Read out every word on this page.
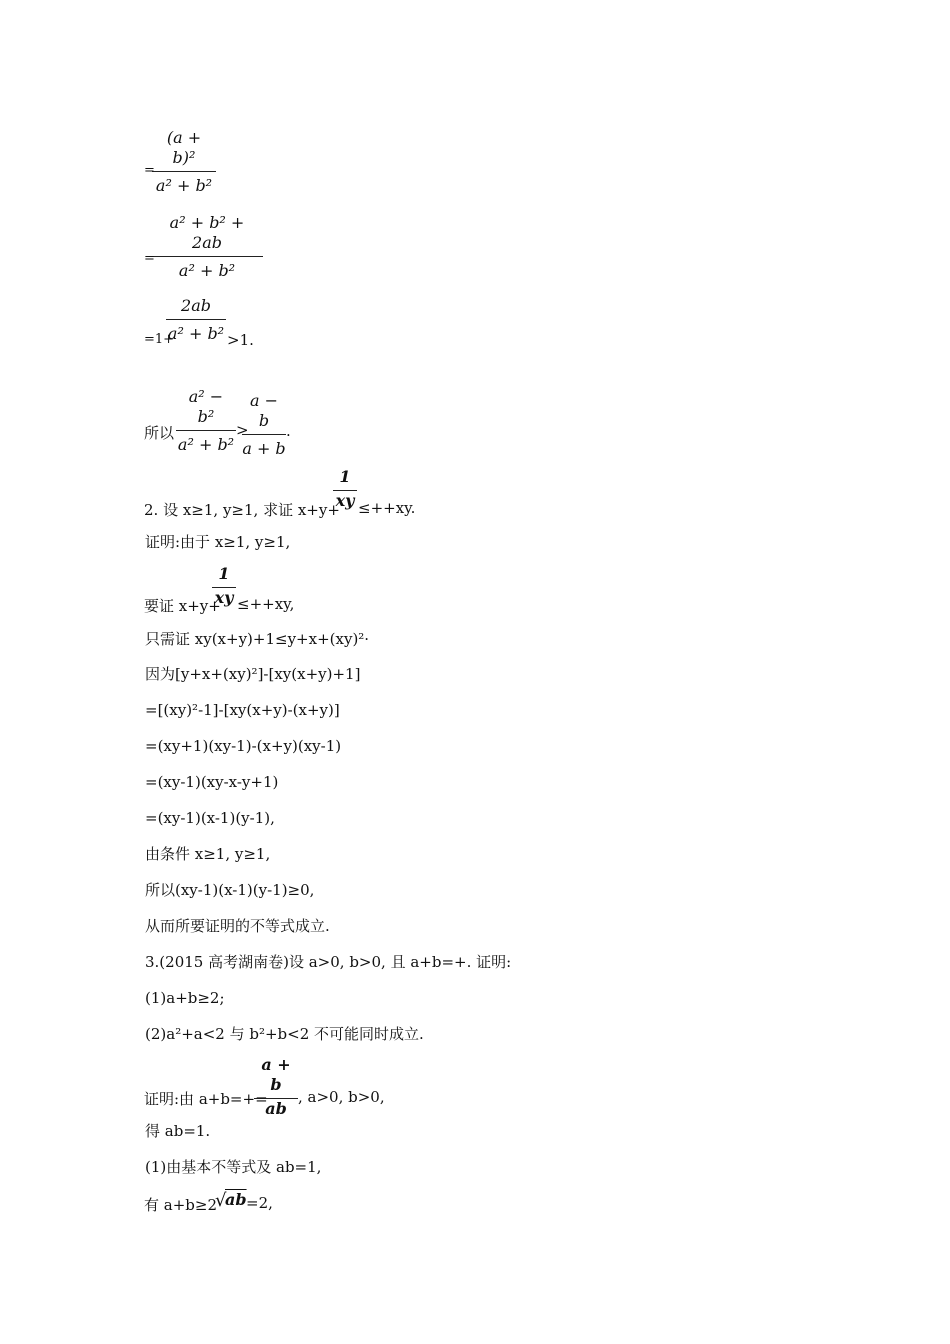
$\frac{\text{(a + b)²}}{\text{a² + b²}}$
=
$\frac{\text{a² + b² + 2ab}}{\text{a² + b²}}$
=
=1+
$\frac{2ab}{\text{a² + b²}} >1$.
所以 $\frac{\text{a² − b²}}{\text{a² + b²}}$ >
$\frac{a - b}{a + b}$ .
$\frac{1}{xy}$
2. 设 x≥1, y≥1, 求证 x+y+ ≤++xy.
证明:由于 x≥1, y≥1,
$\frac{1}{xy}$
要证 x+y+ ≤++xy,
只需证 xy(x+y)+1≤y+x+(xy)²·
因为[y+x+(xy)²]-[xy(x+y)+1]
=[(xy)²-1]-[xy(x+y)-(x+y)]
=(xy+1)(xy-1)-(x+y)(xy-1)
=(xy-1)(xy-x-y+1)
=(xy-1)(x-1)(y-1),
由条件 x≥1, y≥1,
所以(xy-1)(x-1)(y-1)≥0,
从而所要证明的不等式成立.
3.(2015 高考湖南卷)设 a>0, b>0, 且 a+b=+. 证明:
(1)a+b≥2;
(2)a²+a<2 与 b²+b<2 不可能同时成立.
$\frac{a + b}{ab}$
证明:由 a+b=+= , a>0, b>0,
得 ab=1.
(1)由基本不等式及 ab=1,
有 a+b≥2
√
ab =2,
